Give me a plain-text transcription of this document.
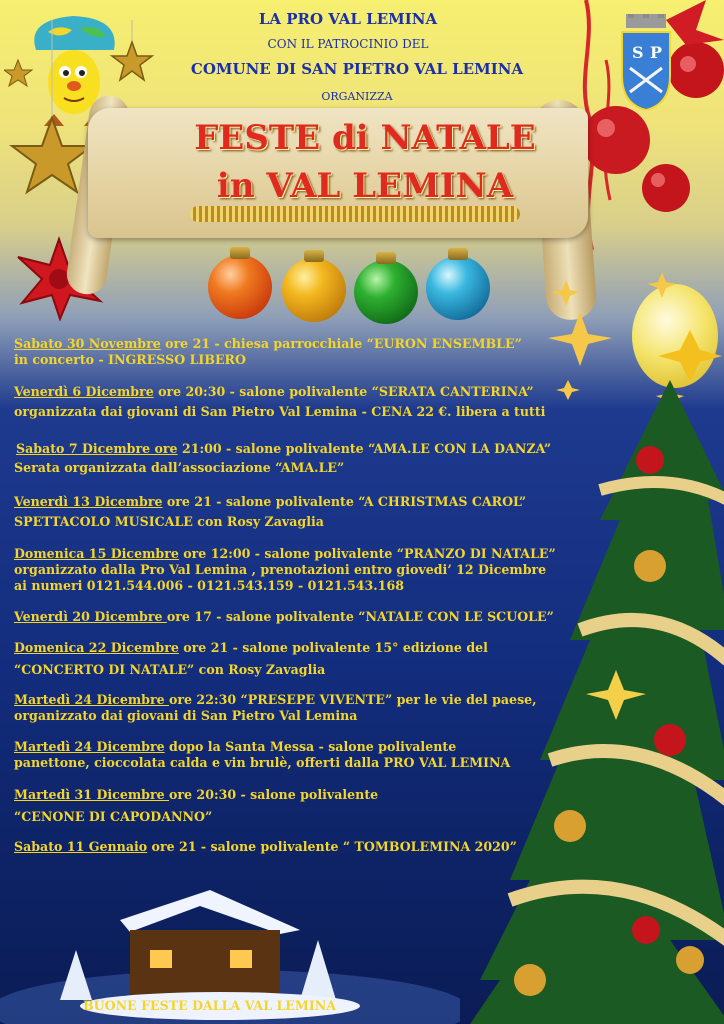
S P
LA PRO VAL LEMINA
CON IL PATROCINIO DEL
COMUNE DI SAN PIETRO VAL LEMINA
ORGANIZZA
FESTE di NATALE
in VAL LEMINA
Sabato 30 Novembre ore 21 - chiesa parrocchiale “EURON ENSEMBLE”
in concerto - INGRESSO LIBERO
Venerdì 6 Dicembre ore 20:30 - salone polivalente “SERATA CANTERINA”
organizzata dai giovani di San Pietro Val Lemina - CENA 22 €. libera a tutti
Sabato 7 Dicembre ore 21:00 - salone polivalente “AMA.LE CON LA DANZA”
Serata organizzata dall’associazione “AMA.LE”
Venerdì 13 Dicembre ore 21 - salone polivalente “A CHRISTMAS CAROL”
SPETTACOLO MUSICALE con Rosy Zavaglia
Domenica 15 Dicembre ore 12:00 - salone polivalente “PRANZO DI NATALE”
organizzato dalla Pro Val Lemina , prenotazioni entro giovedi’ 12 Dicembre
ai numeri 0121.544.006 - 0121.543.159 - 0121.543.168
Venerdì 20 Dicembre ore 17 - salone polivalente “NATALE CON LE SCUOLE”
Domenica 22 Dicembre ore 21 - salone polivalente 15° edizione del
“CONCERTO DI NATALE” con Rosy Zavaglia
Martedì 24 Dicembre ore 22:30 “PRESEPE VIVENTE” per le vie del paese,
organizzato dai giovani di San Pietro Val Lemina
Martedì 24 Dicembre dopo la Santa Messa - salone polivalente
panettone, cioccolata calda e vin brulè, offerti dalla PRO VAL LEMINA
Martedì 31 Dicembre ore 20:30 - salone polivalente
“CENONE DI CAPODANNO”
Sabato 11 Gennaio ore 21 - salone polivalente “ TOMBOLEMINA 2020”
BUONE FESTE DALLA VAL LEMINA
